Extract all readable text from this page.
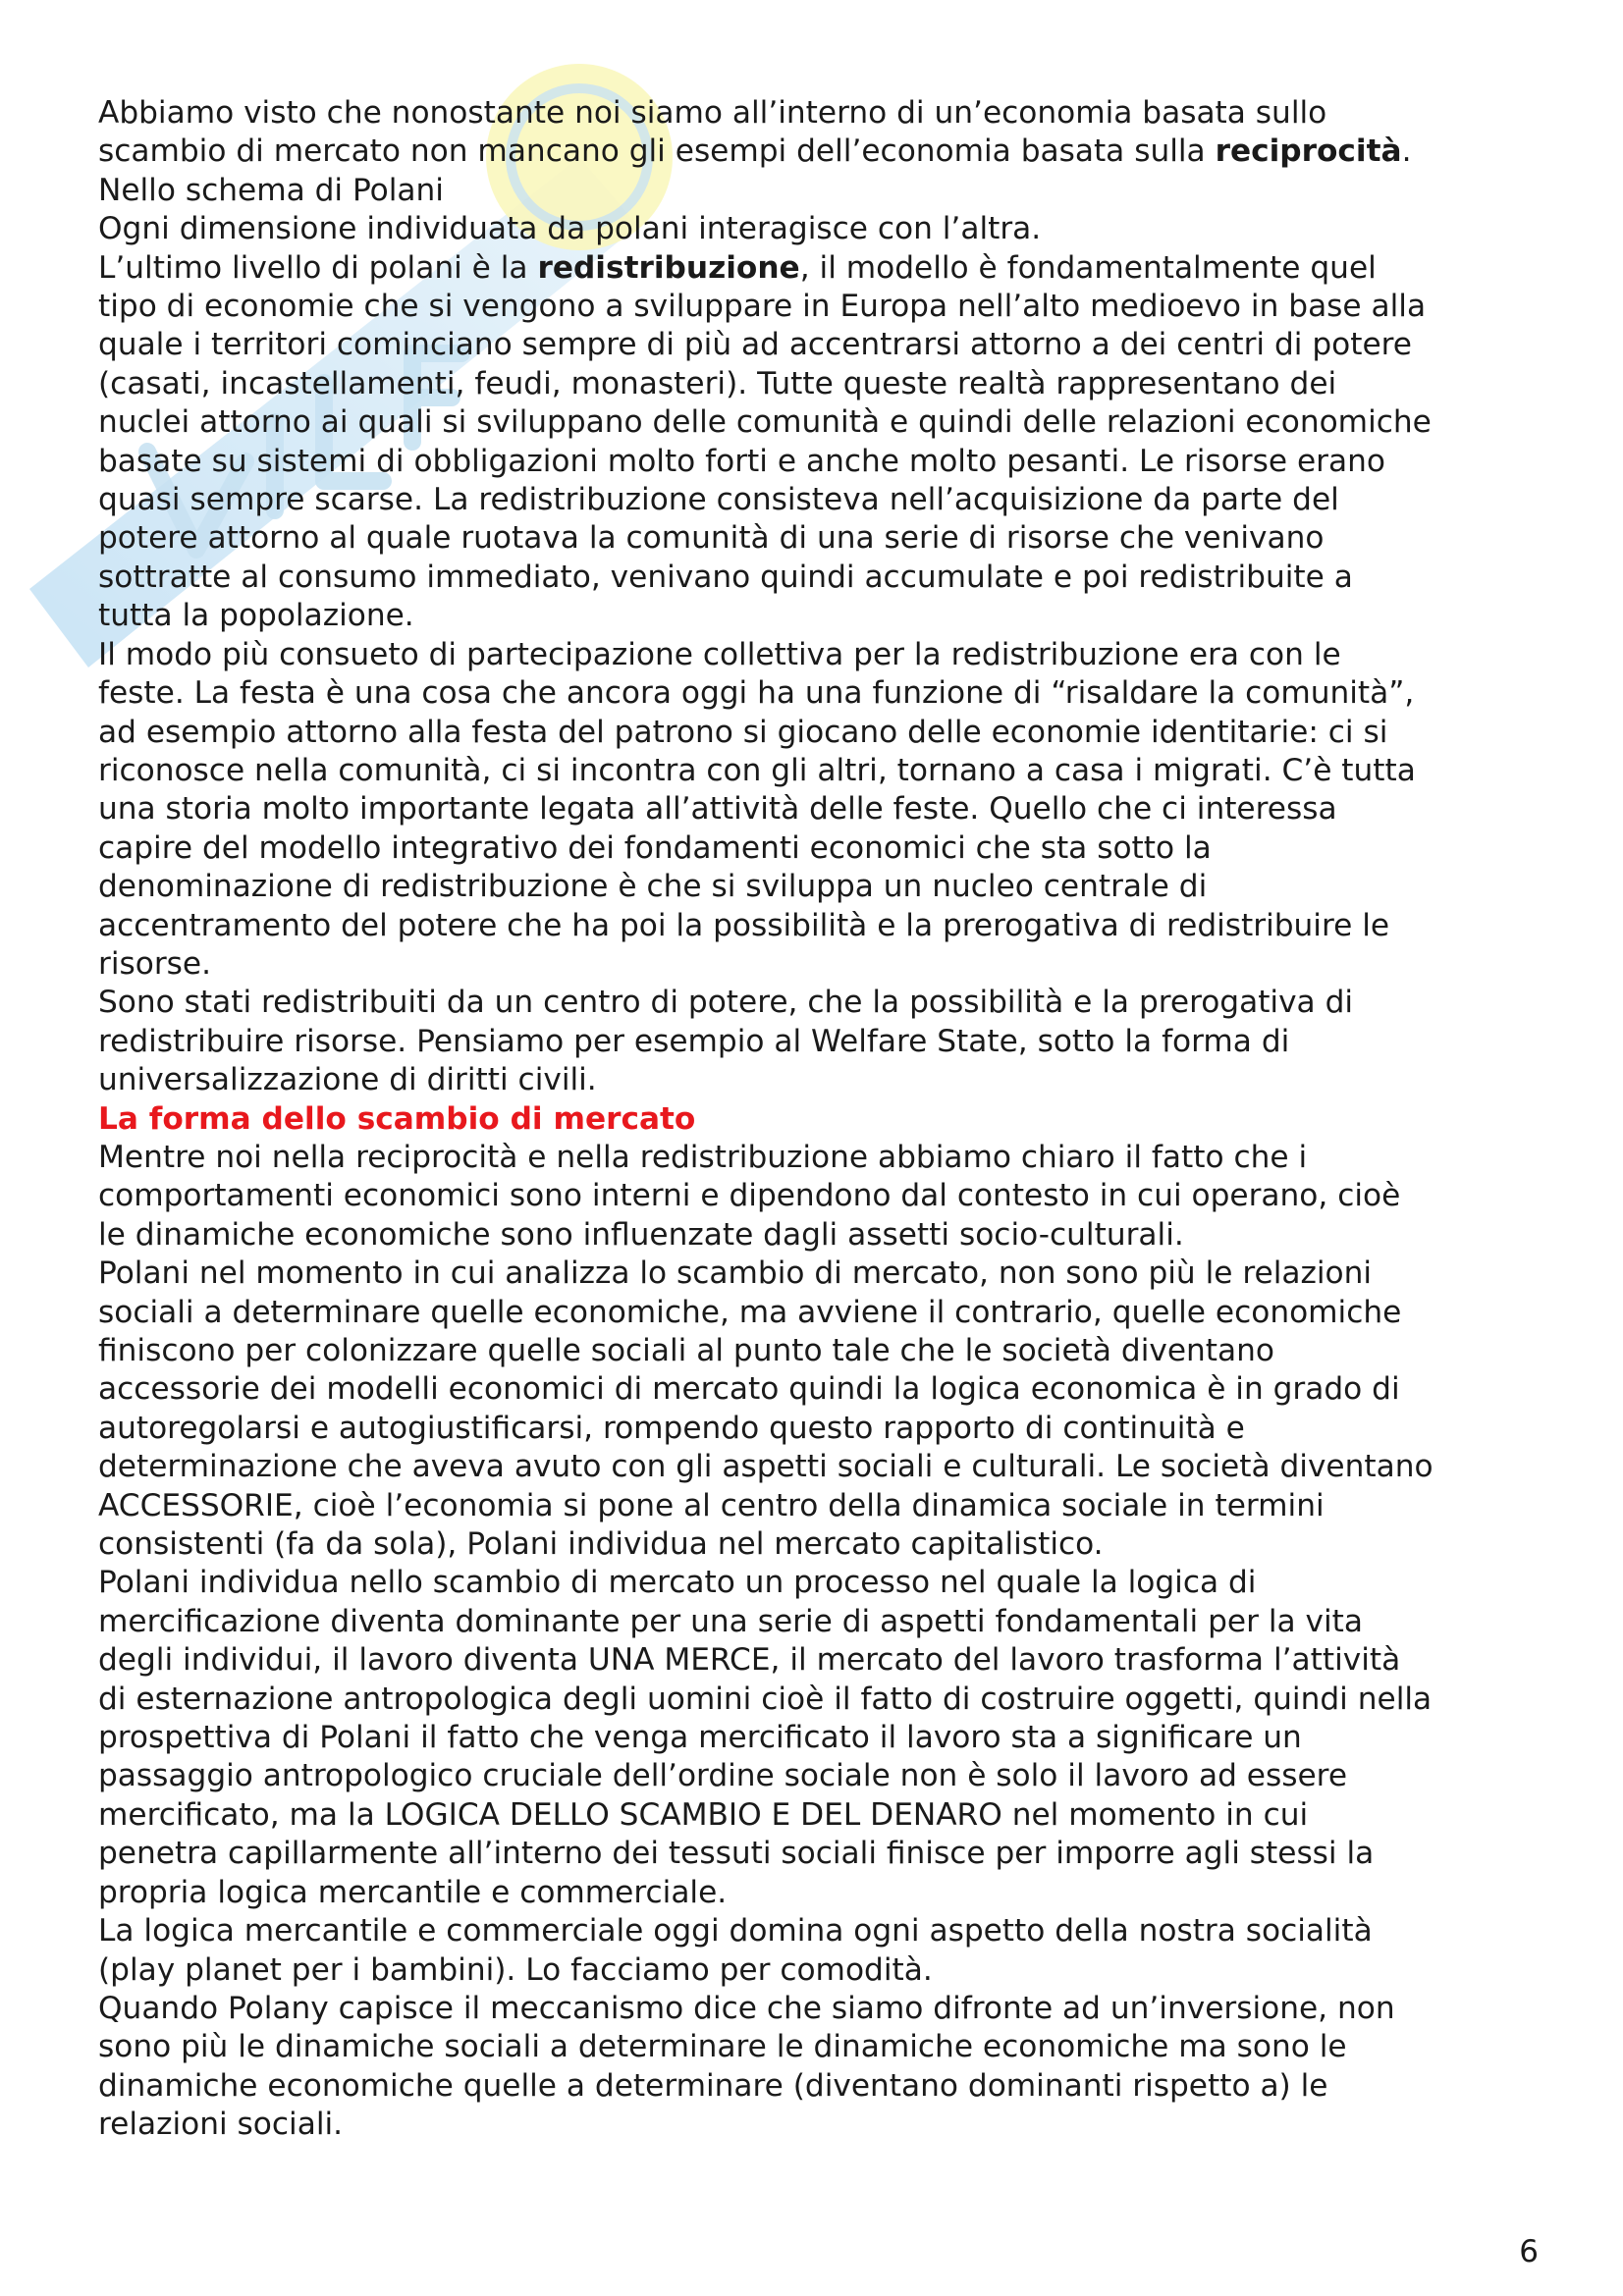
Abbiamo visto che nonostante noi siamo all’interno di un’economia basata sullo
scambio di mercato non mancano gli esempi dell’economia basata sulla reciprocità.

Nello schema di Polani

Ogni dimensione individuata da polani interagisce con l’altra.

L’ultimo livello di polani è la redistribuzione, il modello è fondamentalmente quel
tipo di economie che si vengono a sviluppare in Europa nell’alto medioevo in base alla
quale i territori cominciano sempre di più ad accentrarsi attorno a dei centri di potere
(casati, incastellamenti, feudi, monasteri). Tutte queste realtà rappresentano dei
nuclei attorno ai quali si sviluppano delle comunità e quindi delle relazioni economiche
basate su sistemi di obbligazioni molto forti e anche molto pesanti. Le risorse erano
quasi sempre scarse. La redistribuzione consisteva nell’acquisizione da parte del
potere attorno al quale ruotava la comunità di una serie di risorse che venivano
sottratte al consumo immediato, venivano quindi accumulate e poi redistribuite a
tutta la popolazione.

Il modo più consueto di partecipazione collettiva per la redistribuzione era con le
feste. La festa è una cosa che ancora oggi ha una funzione di “risaldare la comunità”,
ad esempio attorno alla festa del patrono si giocano delle economie identitarie: ci si
riconosce nella comunità, ci si incontra con gli altri, tornano a casa i migrati. C’è tutta
una storia molto importante legata all’attività delle feste. Quello che ci interessa
capire del modello integrativo dei fondamenti economici che sta sotto la
denominazione di redistribuzione è che si sviluppa un nucleo centrale di
accentramento del potere che ha poi la possibilità e la prerogativa di redistribuire le
risorse.

Sono stati redistribuiti da un centro di potere, che la possibilità e la prerogativa di
redistribuire risorse. Pensiamo per esempio al Welfare State, sotto la forma di
universalizzazione di diritti civili.

La forma dello scambio di mercato

Mentre noi nella reciprocità e nella redistribuzione abbiamo chiaro il fatto che i
comportamenti economici sono interni e dipendono dal contesto in cui operano, cioè
le dinamiche economiche sono influenzate dagli assetti socio-culturali.

Polani nel momento in cui analizza lo scambio di mercato, non sono più le relazioni
sociali a determinare quelle economiche, ma avviene il contrario, quelle economiche
finiscono per colonizzare quelle sociali al punto tale che le società diventano
accessorie dei modelli economici di mercato quindi la logica economica è in grado di
autoregolarsi e autogiustificarsi, rompendo questo rapporto di continuità e
determinazione che aveva avuto con gli aspetti sociali e culturali. Le società diventano
ACCESSORIE, cioè l’economia si pone al centro della dinamica sociale in termini
consistenti (fa da sola), Polani individua nel mercato capitalistico.

Polani individua nello scambio di mercato un processo nel quale la logica di
mercificazione diventa dominante per una serie di aspetti fondamentali per la vita
degli individui, il lavoro diventa UNA MERCE, il mercato del lavoro trasforma l’attività
di esternazione antropologica degli uomini cioè il fatto di costruire oggetti, quindi nella
prospettiva di Polani il fatto che venga mercificato il lavoro sta a significare un
passaggio antropologico cruciale dell’ordine sociale non è solo il lavoro ad essere
mercificato, ma la LOGICA DELLO SCAMBIO E DEL DENARO nel momento in cui
penetra capillarmente all’interno dei tessuti sociali finisce per imporre agli stessi la
propria logica mercantile e commerciale.

La logica mercantile e commerciale oggi domina ogni aspetto della nostra socialità
(play planet per i bambini). Lo facciamo per comodità.

Quando Polany capisce il meccanismo dice che siamo difronte ad un’inversione, non
sono più le dinamiche sociali a determinare le dinamiche economiche ma sono le
dinamiche economiche quelle a determinare (diventano dominanti rispetto a) le
relazioni sociali.

6
